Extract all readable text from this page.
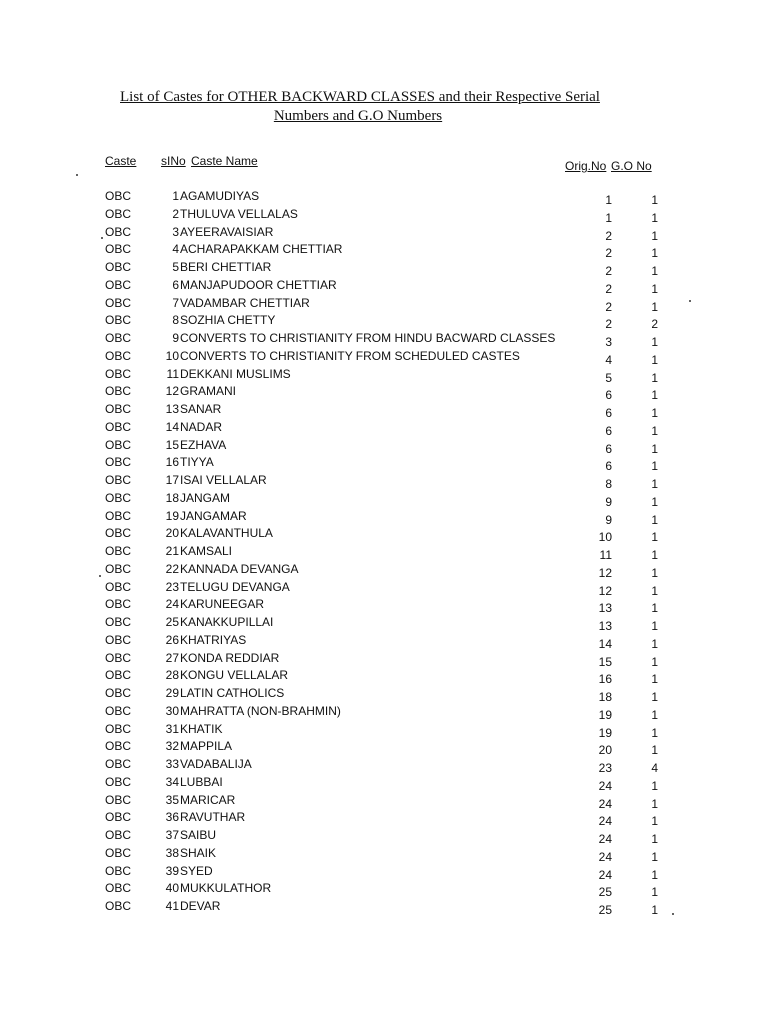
List of Castes for OTHER BACKWARD CLASSES and their Respective Serial
Numbers and G.O Numbers
Caste sINo Caste Name	Orig.No G.O No
OBC	1 AGAMUDIYAS	1	1
OBC	2 THULUVA VELLALAS	1	1
OBC	3 AYEERAVAISIAR	2	1
OBC	4 ACHARAPAKKAM CHETTIAR	2	1
OBC	5 BERI CHETTIAR	2	1
OBC	6 MANJAPUDOOR CHETTIAR	2	1
OBC	7 VADAMBAR CHETTIAR	2	1
OBC	8 SOZHIA CHETTY	2	2
OBC	9 CONVERTS TO CHRISTIANITY FROM HINDU BACWARD CLASSES	3	1
OBC	10 CONVERTS TO CHRISTIANITY FROM SCHEDULED CASTES	4	1
OBC	11 DEKKANI MUSLIMS	5	1
OBC	12 GRAMANI	6	1
OBC	13 SANAR	6	1
OBC	14 NADAR	6	1
OBC	15 EZHAVA	6	1
OBC	16 TIYYA	6	1
OBC	17 ISAI VELLALAR	8	1
OBC	18 JANGAM	9	1
OBC	19 JANGAMAR	9	1
OBC	20 KALAVANTHULA	10	1
OBC	21 KAMSALI	11	1
OBC	22 KANNADA DEVANGA	12	1
OBC	23 TELUGU DEVANGA	12	1
OBC	24 KARUNEEGAR	13	1
OBC	25 KANAKKUPILLAI	13	1
OBC	26 KHATRIYAS	14	1
OBC	27 KONDA REDDIAR	15	1
OBC	28 KONGU VELLALAR	16	1
OBC	29 LATIN CATHOLICS	18	1
OBC	30 MAHRATTA (NON-BRAHMIN)	19	1
OBC	31 KHATIK	19	1
OBC	32 MAPPILA	20	1
OBC	33 VADABALIJA	23	4
OBC	34 LUBBAI	24	1
OBC	35 MARICAR	24	1
OBC	36 RAVUTHAR	24	1
OBC	37 SAIBU	24	1
OBC	38 SHAIK	24	1
OBC	39 SYED	24	1
OBC	40 MUKKULATHOR	25	1
OBC	41 DEVAR	25	1
